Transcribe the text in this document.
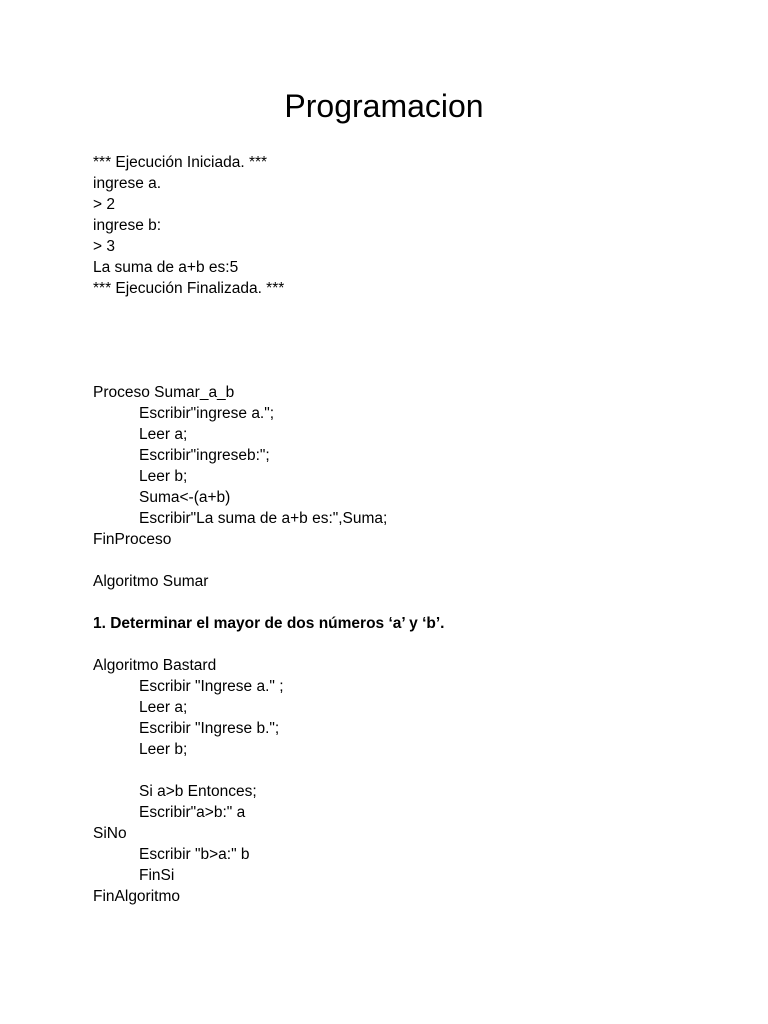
Programacion

*** Ejecución Iniciada. ***

ingrese a.

> 2

ingrese b:

> 3

La suma de a+b es:5

*** Ejecución Finalizada. ***

Proceso Sumar_a_b

Escribir"ingrese a.";

Leer a;

Escribir"ingreseb:";

Leer b;

Suma<-(a+b)

Escribir"La suma de a+b es:",Suma;

FinProceso

Algoritmo Sumar

1. Determinar el mayor de dos números ‘a’ y ‘b’.

Algoritmo Bastard

Escribir "Ingrese a." ;

Leer a;

Escribir "Ingrese b.";

Leer b;

Si a>b Entonces;

Escribir"a>b:" a

SiNo

Escribir "b>a:" b

FinSi

FinAlgoritmo
